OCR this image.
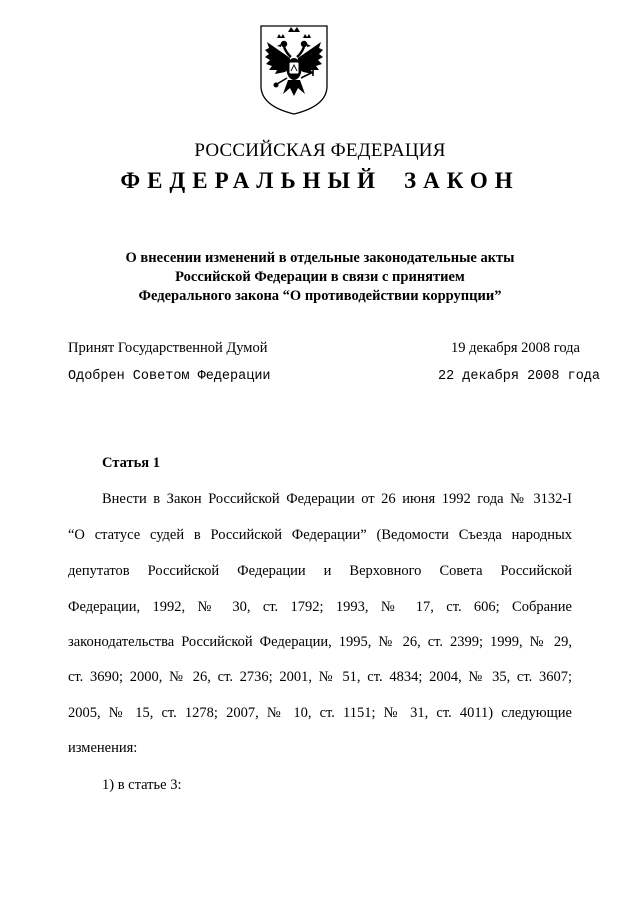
РОССИЙСКАЯ ФЕДЕРАЦИЯ
ФЕДЕРАЛЬНЫЙ ЗАКОН
О внесении изменений в отдельные законодательные акты
Российской Федерации в связи с принятием
Федерального закона “О противодействии коррупции”
Принят Государственной Думой	19 декабря 2008 года
Одобрен Советом Федерации	22 декабря 2008 года
Статья 1
Внести в Закон Российской Федерации от 26 июня 1992 года № 3132-I
“О статусе судей в Российской Федерации” (Ведомости Съезда народных
депутатов Российской Федерации и Верховного Совета Российской
Федерации, 1992, № 30, ст. 1792; 1993, № 17, ст. 606; Собрание
законодательства Российской Федерации, 1995, № 26, ст. 2399; 1999, № 29,
ст. 3690; 2000, № 26, ст. 2736; 2001, № 51, ст. 4834; 2004, № 35, ст. 3607;
2005, № 15, ст. 1278; 2007, № 10, ст. 1151; № 31, ст. 4011) следующие
изменения:
1) в статье 3:
